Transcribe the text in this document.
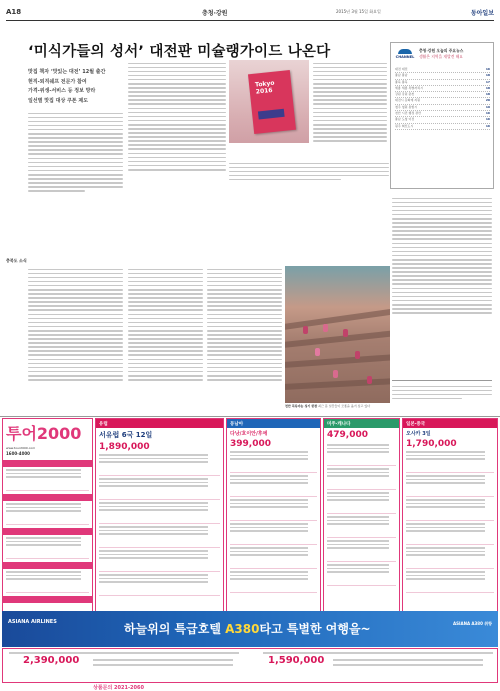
A18	충청·강원	2015년 3월 15일 화요일	동아일보
‘미식가들의 성서’ 대전판 미슐랭가이드 나온다
맛집 책자 ‘맛있는 대전’ 12월 출간
현직-퇴직쉐프 전문가 참여
가격-위생-서비스 등 정보 망라
일선별 맛집 대상 쿠폰 제도
Tokyo
2016
CHANNEL
충청·강원 오늘의 주요뉴스
생활은 지역을 재발견 해요
대전 대전	16
충남 충남	18
충북 충북	17
세종 세종 특별자치시	18
강원 강원 춘천	18
대전시 문화재 지원	20
청주 청원 통합시	19
천안 시민 행정 관련	16
충남 도청 이전	16
원주 혁신도시	16
충북도 소식
천안 목록야농 싱기 한창 최근 봄 일꾼들이 모종을 옮겨 심고 있다
투어2000
www.tour2000.com
1600-4000
유럽
서유럽 6국 12일
1,890,000
동남아
다낭/호이안/후에
399,000
미주·캐나다
479,000
일본·중국
오사카 3일
1,790,000
ASIANA AIRLINES	하늘위의 특급호텔 A380타고 특별한 여행을~	ASIANA A380 취항
2,390,000	1,590,000
상품문의 2021-2060
